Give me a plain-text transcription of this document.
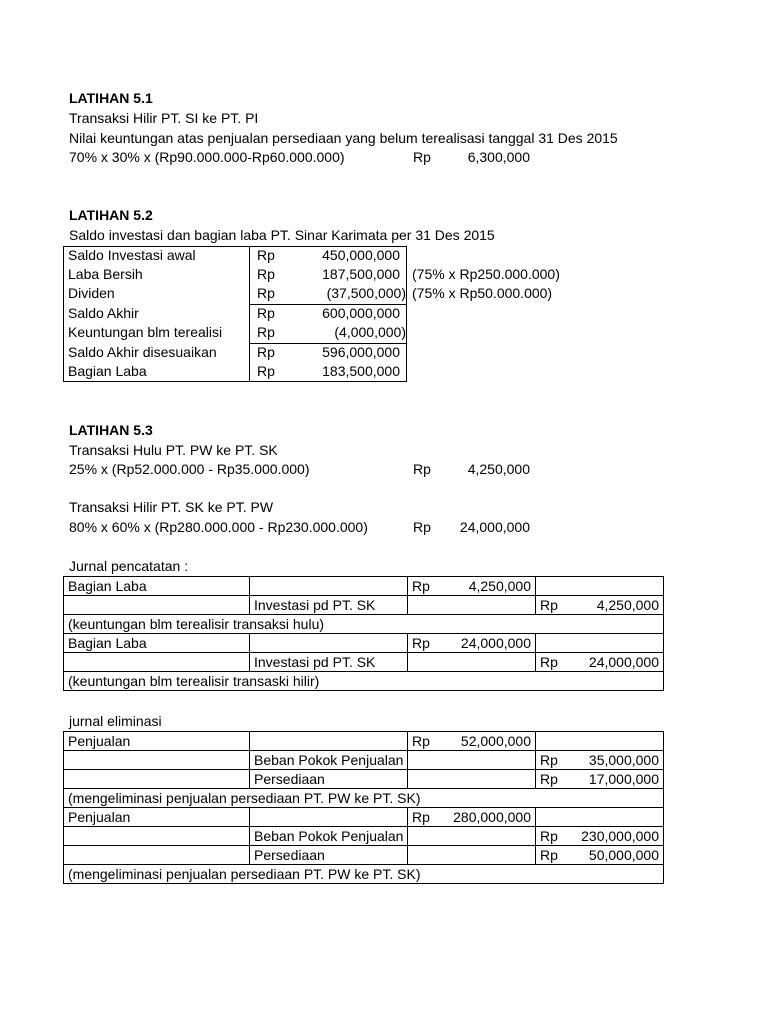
LATIHAN 5.1
Transaksi Hilir PT. SI ke PT. PI
Nilai keuntungan atas penjualan persediaan yang belum terealisasi tanggal 31 Des 2015
70% x 30% x (Rp90.000.000-Rp60.000.000)	Rp	6,300,000
LATIHAN 5.2
Saldo investasi dan bagian laba PT. Sinar Karimata per 31 Des 2015
Saldo Investasi awal	Rp	450,000,000
Laba Bersih	Rp	187,500,000 (75% x Rp250.000.000)
Dividen	Rp	(37,500,000) (75% x Rp50.000.000)
Saldo Akhir	Rp	600,000,000
Keuntungan blm terealisi Rp	(4,000,000)
Saldo Akhir disesuaikan	Rp	596,000,000
Bagian Laba	Rp	183,500,000
LATIHAN 5.3
Transaksi Hulu PT. PW ke PT. SK
25% x (Rp52.000.000 - Rp35.000.000)	Rp	4,250,000
Transaksi Hilir PT. SK ke PT. PW
80% x 60% x (Rp280.000.000 - Rp230.000.000)	Rp	24,000,000
Jurnal pencatatan :
Bagian Laba		Rp 4,250,000	
	Investasi pd PT. SK		Rp 4,250,000
(keuntungan blm terealisir transaksi hulu)			
Bagian Laba		Rp 24,000,000	
	Investasi pd PT. SK		Rp 24,000,000
(keuntungan blm terealisir transaski hilir)			
jurnal eliminasi
Penjualan		Rp 52,000,000	
	Beban Pokok Penjualan		Rp 35,000,000
	Persediaan		Rp 17,000,000
(mengeliminasi penjualan persediaan PT. PW ke PT. SK)			
Penjualan		Rp 280,000,000	
	Beban Pokok Penjualan		Rp 230,000,000
	Persediaan		Rp 50,000,000
(mengeliminasi penjualan persediaan PT. PW ke PT. SK)			
